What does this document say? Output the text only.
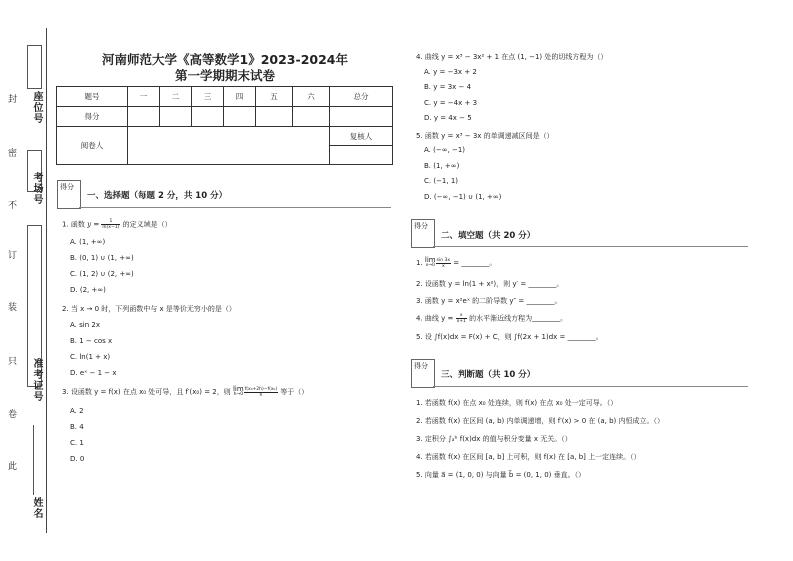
座位号
考场号
准考证号
姓名
封
密
不
订
装
只
卷
此
河南师范大学《高等数学1》2023-2024年
第一学期期末试卷
题号	一	二	三	四	五	六	总分
得分							
阅卷人							复核人

得分
一、选择题（每题 2 分，共 10 分）
1. 函数 $y = \frac{1}{\ln(x-1)}$ 的定义域是（）
A. (1, +∞)
B. (0, 1) ∪ (1, +∞)
C. (1, 2) ∪ (2, +∞)
D. (2, +∞)
2. 当 x → 0 时，下列函数中与 x 是等价无穷小的是（）
A. sin 2x
B. 1 − cos x
C. ln(1 + x)
D. eˣ − 1 − x
3. 设函数 y = f(x) 在点 x₀ 处可导，且 f′(x₀) = 2，则 lim
$h\to 0 \frac{\text{f(x₀+2h)−f(x₀)}}{h}$ 等于（）
A. 2
B. 4
C. 1
D. 0
4. 曲线 y = x³ − 3x² + 1 在点 (1, −1) 处的切线方程为（）
A. y = −3x + 2
B. y = 3x − 4
C. y = −4x + 3
D. y = 4x − 5
5. 函数 y = x³ − 3x 的单调递减区间是（）
A. (−∞, −1)
B. (1, +∞)
C. (−1, 1)
D. (−∞, −1) ∪ (1, +∞)
得分
二、填空题（共 20 分）
1. lim
$x\to 0 \frac{\sin 3x}{x}$ = ________。
2. 设函数 y = ln(1 + x²)，则 y′ = ________。
3. 函数 y = x²eˣ 的二阶导数 y″ = ________。
4. 曲线 $y = \frac{x}{x+1}$ 的水平渐近线方程为________。
5. 设 ∫f(x)dx = F(x) + C，则 ∫f(2x + 1)dx = ________。
得分
三、判断题（共 10 分）
1. 若函数 f(x) 在点 x₀ 处连续，则 f(x) 在点 x₀ 处一定可导。（）
2. 若函数 f(x) 在区间 (a, b) 内单调递增，则 f′(x) > 0 在 (a, b) 内恒成立。（）
3. 定积分 ∫ₐᵇ f(x)dx 的值与积分变量 x 无关。（）
4. 若函数 f(x) 在区间 [a, b] 上可积，则 f(x) 在 [a, b] 上一定连续。（）
5. 向量 a⃗ = (1, 0, 0) 与向量 b⃗ = (0, 1, 0) 垂直。（）
